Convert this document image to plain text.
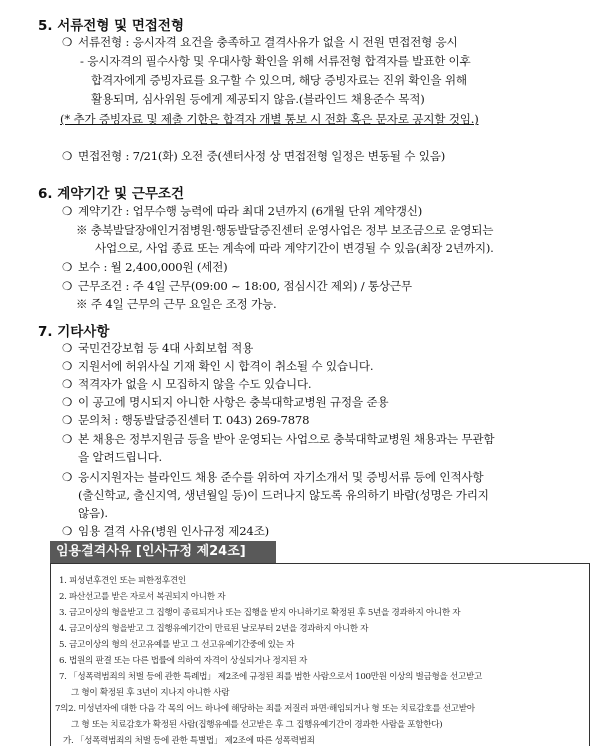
5. 서류전형 및 면접전형
❍ 서류전형 : 응시자격 요건을 충족하고 결격사유가 없을 시 전원 면접전형 응시
- 응시자격의 필수사항 및 우대사항 확인을 위해 서류전형 합격자를 발표한 이후
합격자에게 증빙자료를 요구할 수 있으며, 해당 증빙자료는 진위 확인을 위해
활용되며, 심사위원 등에게 제공되지 않음.(블라인드 채용준수 목적)
(* 추가 증빙자료 및 제출 기한은 합격자 개별 통보 시 전화 혹은 문자로 공지할 것임.)
❍ 면접전형 : 7/21(화) 오전 중(센터사정 상 면접전형 일정은 변동될 수 있음)
6. 계약기간 및 근무조건
❍ 계약기간 : 업무수행 능력에 따라 최대 2년까지 (6개월 단위 계약갱신)
※ 충북발달장애인거점병원·행동발달증진센터 운영사업은 정부 보조금으로 운영되는
사업으로, 사업 종료 또는 계속에 따라 계약기간이 변경될 수 있음(최장 2년까지).
❍ 보수 : 월 2,400,000원 (세전)
❍ 근무조건 : 주 4일 근무(09:00 ~ 18:00, 점심시간 제외) / 통상근무
※ 주 4일 근무의 근무 요일은 조정 가능.
7. 기타사항
❍ 국민건강보험 등 4대 사회보험 적용
❍ 지원서에 허위사실 기재 확인 시 합격이 취소될 수 있습니다.
❍ 적격자가 없을 시 모집하지 않을 수도 있습니다.
❍ 이 공고에 명시되지 아니한 사항은 충북대학교병원 규정을 준용
❍ 문의처 : 행동발달증진센터 T. 043) 269-7878
❍ 본 채용은 정부지원금 등을 받아 운영되는 사업으로 충북대학교병원 채용과는 무관함
을 알려드립니다.
❍ 응시지원자는 블라인드 채용 준수를 위하여 자기소개서 및 증빙서류 등에 인적사항
(출신학교, 출신지역, 생년월일 등)이 드러나지 않도록 유의하기 바람(성명은 가리지
않음).
❍ 임용 결격 사유(병원 인사규정 제24조)
임용결격사유 [인사규정 제24조]
1. 피성년후견인 또는 피한정후견인
2. 파산선고를 받은 자로서 복권되지 아니한 자
3. 금고이상의 형을받고 그 집행이 종료되거나 또는 집행을 받지 아니하기로 확정된 후 5년을 경과하지 아니한 자
4. 금고이상의 형을받고 그 집행유예기간이 만료된 날로부터 2년을 경과하지 아니한 자
5. 금고이상의 형의 선고유예를 받고 그 선고유예기간중에 있는 자
6. 법원의 판결 또는 다른 법률에 의하여 자격이 상실되거나 정지된 자
7. 「성폭력범죄의 처벌 등에 관한 특례법」 제2조에 규정된 죄를 범한 사람으로서 100만원 이상의 벌금형을 선고받고
그 형이 확정된 후 3년이 지나지 아니한 사람
7의2. 미성년자에 대한 다음 각 목의 어느 하나에 해당하는 죄를 저질러 파면·해임되거나 형 또는 치료감호를 선고받아
그 형 또는 치료감호가 확정된 사람(집행유예를 선고받은 후 그 집행유예기간이 경과한 사람을 포함한다)
가. 「성폭력범죄의 처벌 등에 관한 특별법」 제2조에 따른 성폭력범죄
